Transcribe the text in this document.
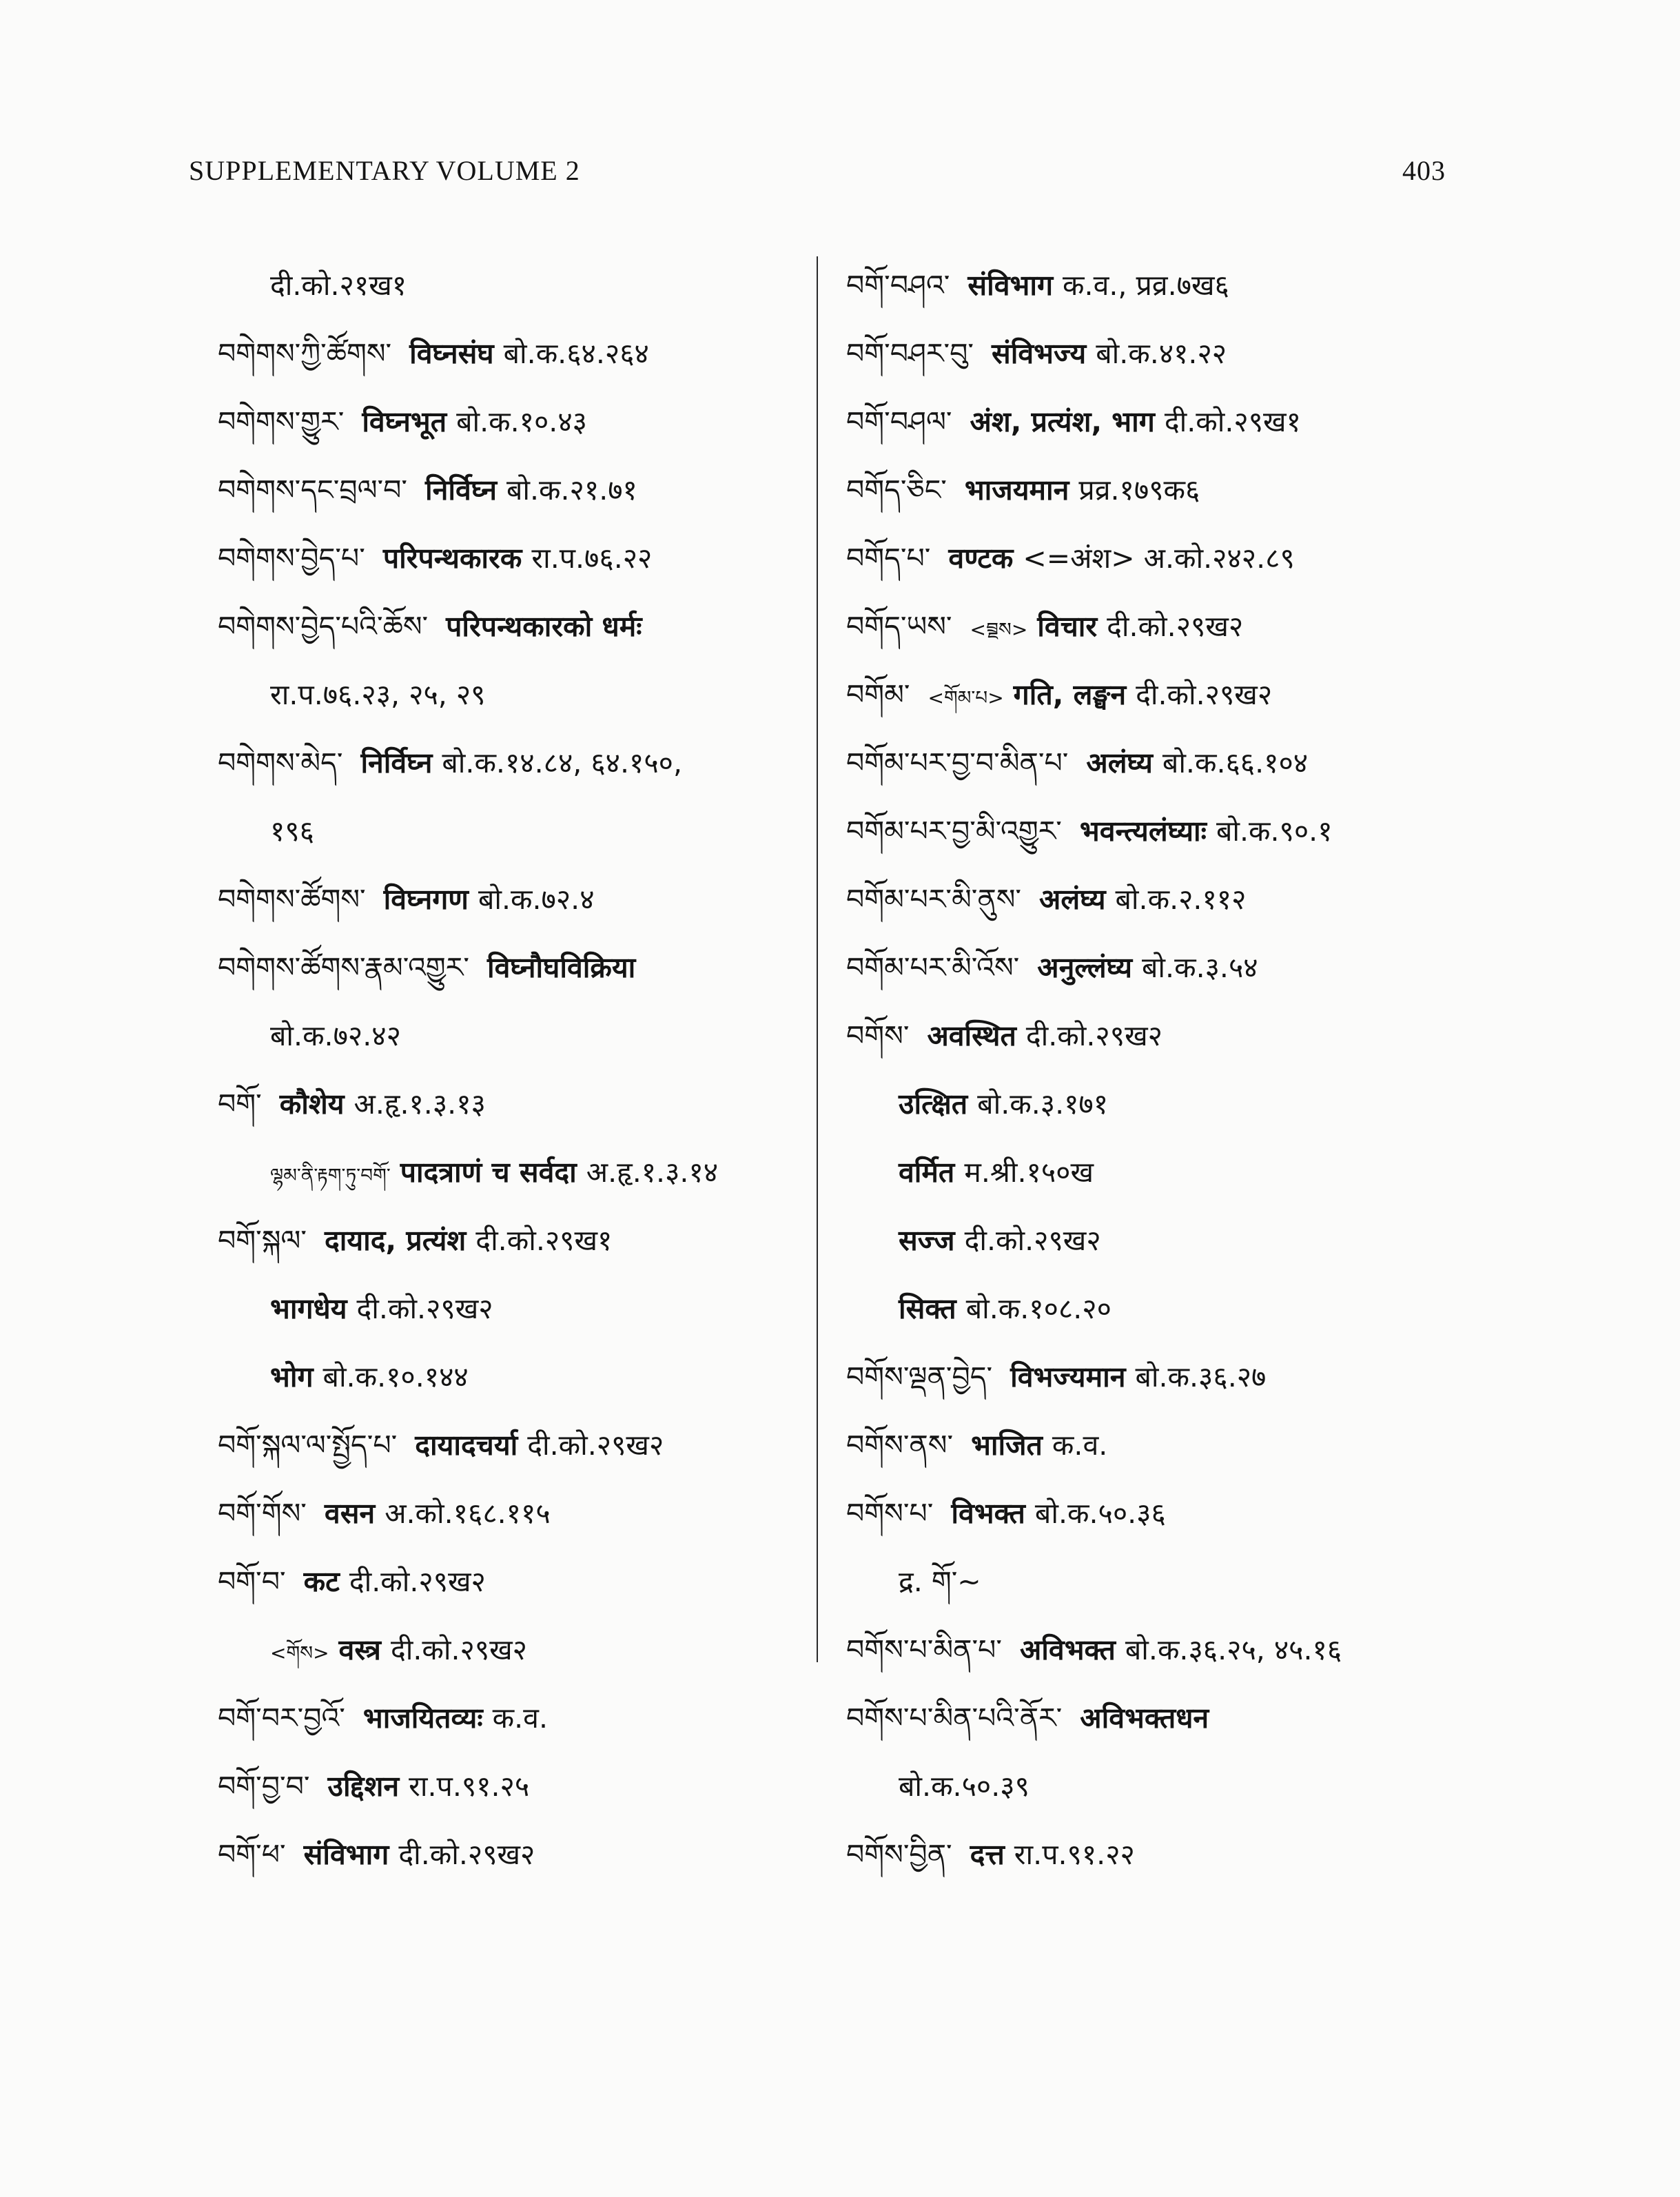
SUPPLEMENTARY VOLUME 2	403
दी.को.२१ख१
བགེགས་ཀྱི་ཚོགས་ विघ्नसंघ बो.क.६४.२६४
བགེགས་གྱུར་ विघ्नभूत बो.क.१०.४३
བགེགས་དང་བྲལ་བ་ निर्विघ्न बो.क.२१.७१
བགེགས་བྱེད་པ་ परिपन्थकारक रा.प.७६.२२
བགེགས་བྱེད་པའི་ཆོས་ परिपन्थकारको धर्मः
रा.प.७६.२३, २५, २९
བགེགས་མེད་ निर्विघ्न बो.क.१४.८४, ६४.१५०,
१९६
བགེགས་ཚོགས་ विघ्नगण बो.क.७२.४
བགེགས་ཚོགས་རྣམ་འགྱུར་ विघ्नौघविक्रिया
बो.क.७२.४२
བགོ་ कौशेय अ.हृ.१.३.१३
ལྷམ་ནི་རྟག་ཏུ་བགོ་ पादत्राणं च सर्वदा अ.हृ.१.३.१४
བགོ་སྐལ་ दायाद, प्रत्यंश दी.को.२९ख१
भागधेय दी.को.२९ख२
भोग बो.क.१०.१४४
བགོ་སྐལ་ལ་སྤྱོད་པ་ दायादचर्या दी.को.२९ख२
བགོ་གོས་ वसन अ.को.१६८.११५
བགོ་བ་ कट दी.को.२९ख२
<གོས> वस्त्र दी.को.२९ख२
བགོ་བར་བྱའོ་ भाजयितव्यः क.व.
བགོ་བྱ་བ་ उद्दिशन रा.प.९१.२५
བགོ་ཕ་ संविभाग दी.को.२९ख२
བགོ་བཤའ་ संविभाग क.व., प्रव्र.७ख६
བགོ་བཤར་བུ་ संविभज्य बो.क.४१.२२
བགོ་བཤལ་ अंश, प्रत्यंश, भाग दी.को.२९ख१
བགོད་ཅིང་ भाजयमान प्रव्र.१७९क६
བགོད་པ་ वण्टक <=अंश> अ.को.२४२.८९
བགོད་ཡས་ <བྲྡས> विचार दी.को.२९ख२
བགོམ་ <གོམ་པ> गति, लङ्घन दी.को.२९ख२
བགོམ་པར་བྱ་བ་མིན་པ་ अलंघ्य बो.क.६६.१०४
བགོམ་པར་བྱ་མི་འགྱུར་ भवन्त्यलंघ्याः बो.क.९०.१
བགོམ་པར་མི་ནུས་ अलंघ्य बो.क.२.११२
བགོམ་པར་མི་འོས་ अनुल्लंघ्य बो.क.३.५४
བགོས་ अवस्थित दी.को.२९ख२
उत्क्षित बो.क.३.१७१
वर्मित म.श्री.१५०ख
सज्ज दी.को.२९ख२
सिक्त बो.क.१०८.२०
བགོས་ལྡན་བྱེད་ विभज्यमान बो.क.३६.२७
བགོས་ནས་ भाजित क.व.
བགོས་པ་ विभक्त बो.क.५०.३६
द्र. གོ་~
བགོས་པ་མིན་པ་ अविभक्त बो.क.३६.२५, ४५.१६
བགོས་པ་མིན་པའི་ནོར་ अविभक्तधन
बो.क.५०.३९
བགོས་བྱིན་ दत्त रा.प.९१.२२
